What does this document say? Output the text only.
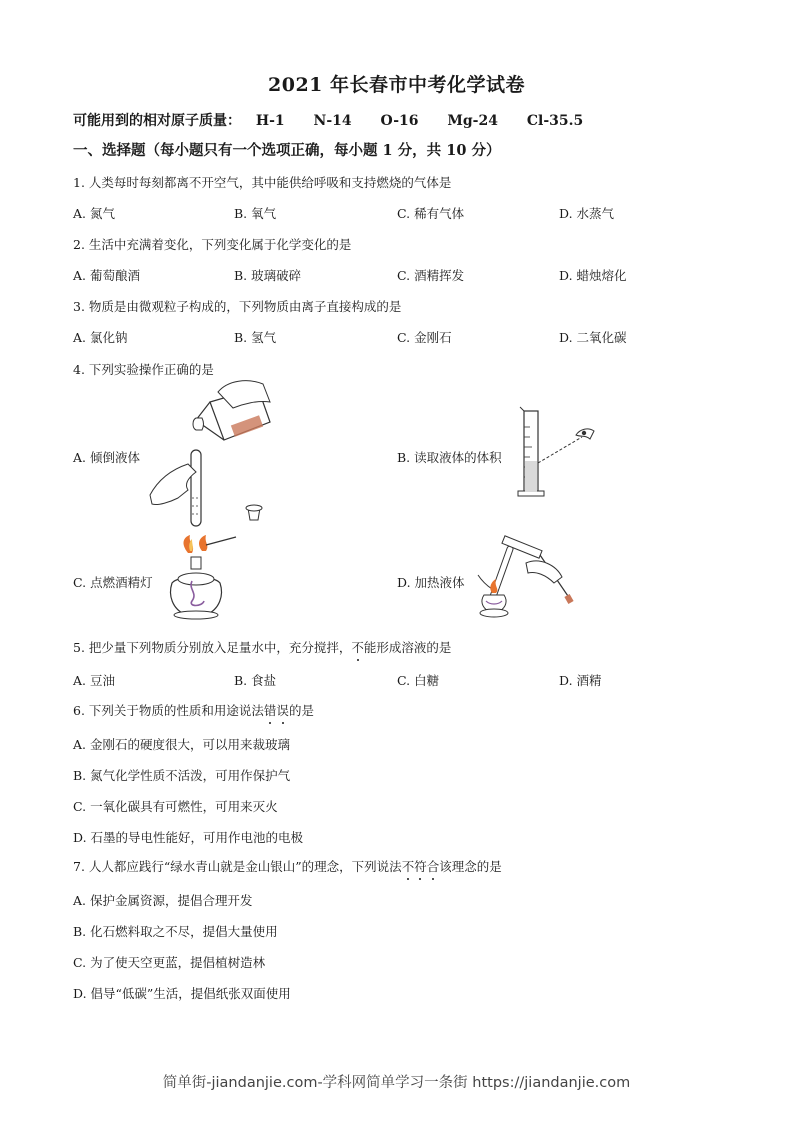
2021 年长春市中考化学试卷
可能用到的相对原子质量： H-1 N-14 O-16 Mg-24 Cl-35.5
一、选择题（每小题只有一个选项正确，每小题 1 分，共 10 分）
1. 人类每时每刻都离不开空气，其中能供给呼吸和支持燃烧的气体是
A. 氮气	B. 氧气	C. 稀有气体	D. 水蒸气
2. 生活中充满着变化，下列变化属于化学变化的是
A. 葡萄酿酒	B. 玻璃破碎	C. 酒精挥发	D. 蜡烛熔化
3. 物质是由微观粒子构成的，下列物质由离子直接构成的是
A. 氯化钠	B. 氢气	C. 金刚石	D. 二氧化碳
4. 下列实验操作正确的是
A. 倾倒液体	B. 读取液体的体积
C. 点燃酒精灯	D. 加热液体
5. 把少量下列物质分别放入足量水中，充分搅拌，不能形成溶液的是
A. 豆油	B. 食盐	C. 白糖	D. 酒精
6. 下列关于物质的性质和用途说法错误的是
A. 金刚石的硬度很大，可以用来裁玻璃
B. 氮气化学性质不活泼，可用作保护气
C. 一氧化碳具有可燃性，可用来灭火
D. 石墨的导电性能好，可用作电池的电极
7. 人人都应践行“绿水青山就是金山银山”的理念，下列说法不符合该理念的是
A. 保护金属资源，提倡合理开发
B. 化石燃料取之不尽，提倡大量使用
C. 为了使天空更蓝，提倡植树造林
D. 倡导“低碳”生活，提倡纸张双面使用
简单街-jiandanjie.com-学科网简单学习一条街 https://jiandanjie.com
